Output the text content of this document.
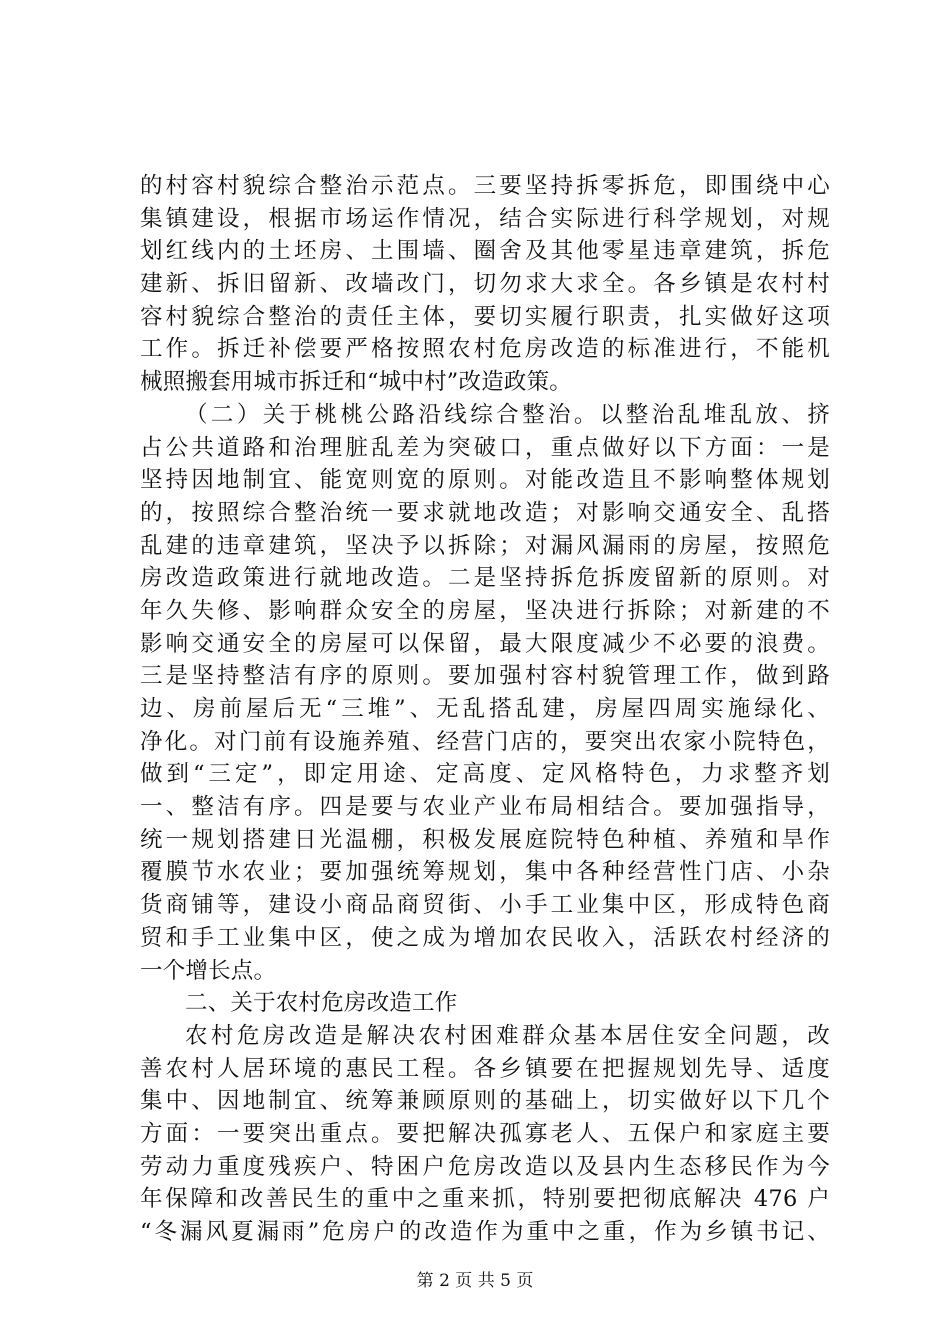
的村容村貌综合整治示范点。三要坚持拆零拆危，即围绕中心
集镇建设，根据市场运作情况，结合实际进行科学规划，对规
划红线内的土坯房、土围墙、圈舍及其他零星违章建筑，拆危
建新、拆旧留新、改墙改门，切勿求大求全。各乡镇是农村村
容村貌综合整治的责任主体，要切实履行职责，扎实做好这项
工作。拆迁补偿要严格按照农村危房改造的标准进行，不能机
械照搬套用城市拆迁和“城中村”改造政策。
（二）关于桃桃公路沿线综合整治。以整治乱堆乱放、挤
占公共道路和治理脏乱差为突破口，重点做好以下方面：一是
坚持因地制宜、能宽则宽的原则。对能改造且不影响整体规划
的，按照综合整治统一要求就地改造；对影响交通安全、乱搭
乱建的违章建筑，坚决予以拆除；对漏风漏雨的房屋，按照危
房改造政策进行就地改造。二是坚持拆危拆废留新的原则。对
年久失修、影响群众安全的房屋，坚决进行拆除；对新建的不
影响交通安全的房屋可以保留，最大限度减少不必要的浪费。
三是坚持整洁有序的原则。要加强村容村貌管理工作，做到路
边、房前屋后无“三堆”、无乱搭乱建，房屋四周实施绿化、
净化。对门前有设施养殖、经营门店的，要突出农家小院特色，
做到“三定”，即定用途、定高度、定风格特色，力求整齐划
一、整洁有序。四是要与农业产业布局相结合。要加强指导，
统一规划搭建日光温棚，积极发展庭院特色种植、养殖和旱作
覆膜节水农业；要加强统筹规划，集中各种经营性门店、小杂
货商铺等，建设小商品商贸街、小手工业集中区，形成特色商
贸和手工业集中区，使之成为增加农民收入，活跃农村经济的
一个增长点。
二、关于农村危房改造工作
农村危房改造是解决农村困难群众基本居住安全问题，改
善农村人居环境的惠民工程。各乡镇要在把握规划先导、适度
集中、因地制宜、统筹兼顾原则的基础上，切实做好以下几个
方面：一要突出重点。要把解决孤寡老人、五保户和家庭主要
劳动力重度残疾户、特困户危房改造以及县内生态移民作为今
年保障和改善民生的重中之重来抓，特别要把彻底解决 476 户
“冬漏风夏漏雨”危房户的改造作为重中之重，作为乡镇书记、
第 2 页 共 5 页
